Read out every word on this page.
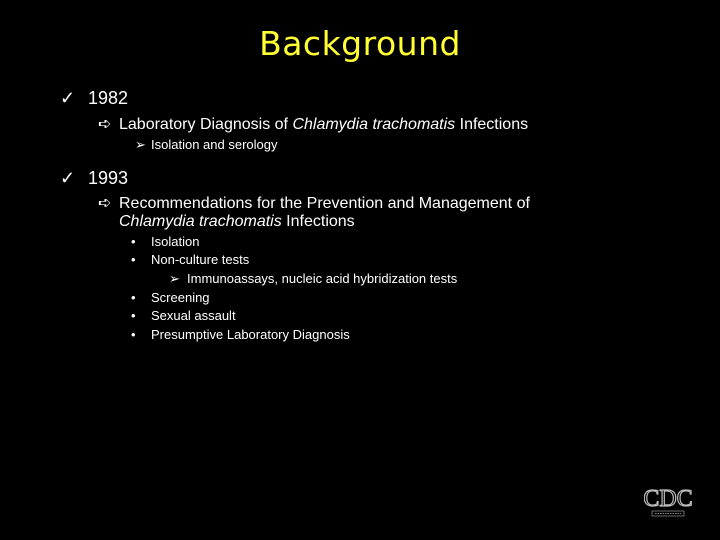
Background
✓ 1982
➪ Laboratory Diagnosis of Chlamydia trachomatis Infections
➢ Isolation and serology
✓ 1993
➪ Recommendations for the Prevention and Management of
Chlamydia trachomatis Infections
• Isolation
• Non-culture tests
➢ Immunoassays, nucleic acid hybridization tests
• Screening
• Sexual assault
• Presumptive Laboratory Diagnosis
CDC
